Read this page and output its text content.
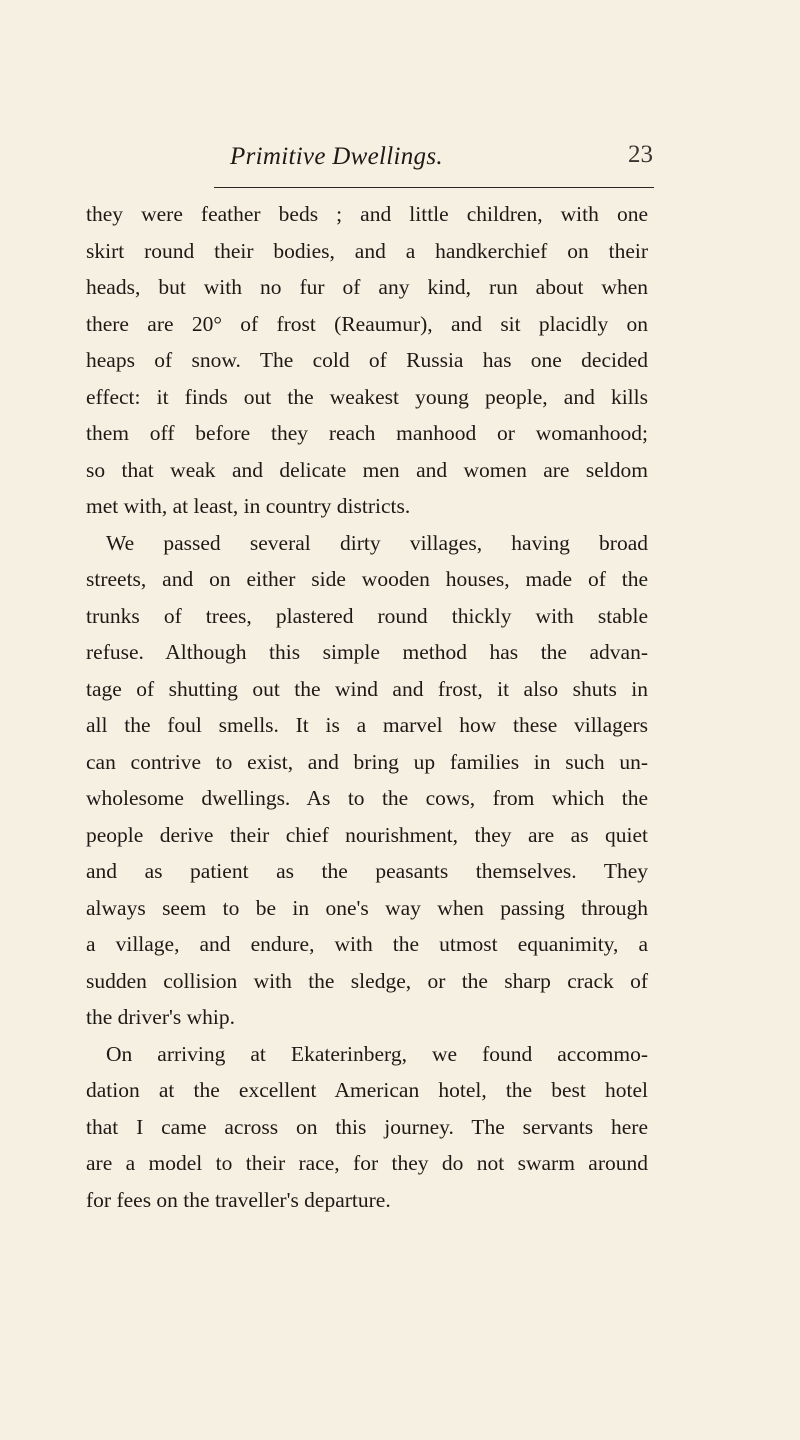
Primitive Dwellings.	23
they were feather beds ; and little children, with one
skirt round their bodies, and a handkerchief on their
heads, but with no fur of any kind, run about when
there are 20° of frost (Reaumur), and sit placidly on
heaps of snow. The cold of Russia has one decided
effect: it finds out the weakest young people, and kills
them off before they reach manhood or womanhood;
so that weak and delicate men and women are seldom
met with, at least, in country districts.
We passed several dirty villages, having broad
streets, and on either side wooden houses, made of the
trunks of trees, plastered round thickly with stable
refuse. Although this simple method has the advan-
tage of shutting out the wind and frost, it also shuts in
all the foul smells. It is a marvel how these villagers
can contrive to exist, and bring up families in such un-
wholesome dwellings. As to the cows, from which the
people derive their chief nourishment, they are as quiet
and as patient as the peasants themselves. They
always seem to be in one's way when passing through
a village, and endure, with the utmost equanimity, a
sudden collision with the sledge, or the sharp crack of
the driver's whip.
On arriving at Ekaterinberg, we found accommo-
dation at the excellent American hotel, the best hotel
that I came across on this journey. The servants here
are a model to their race, for they do not swarm around
for fees on the traveller's departure.
